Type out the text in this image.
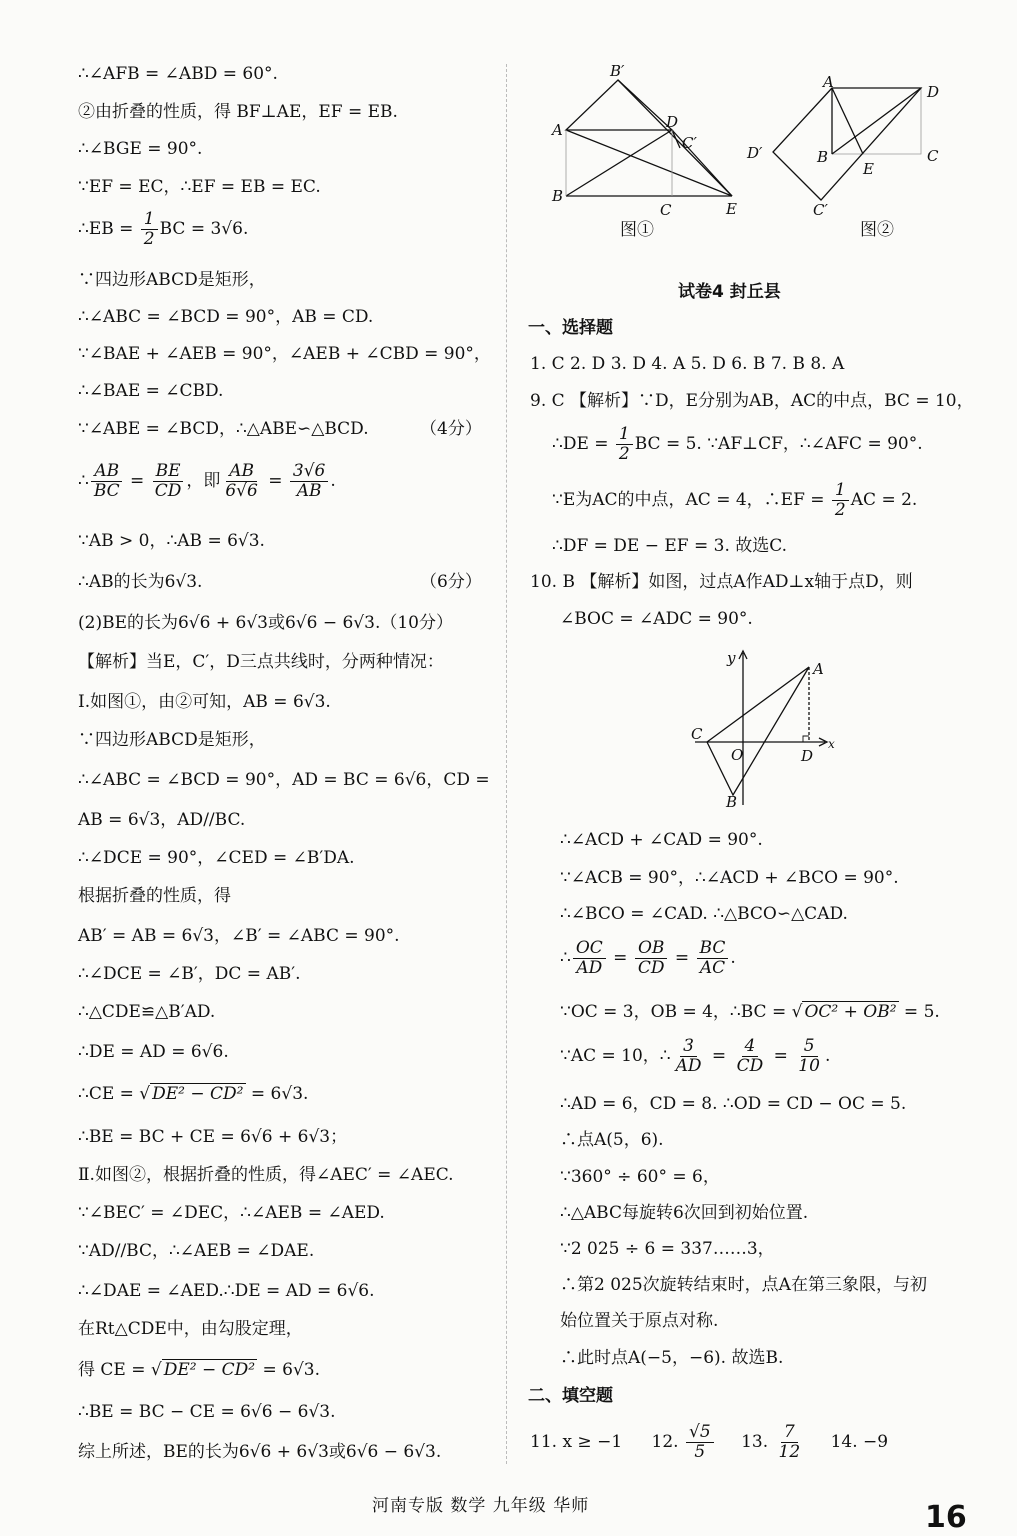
∴∠AFB = ∠ABD = 60°.
②由折叠的性质，得 BF⊥AE，EF = EB.
∴∠BGE = 90°.
∵EF = EC，∴EF = EB = EC.
∴EB = $\frac{1}{2}$ BC = 3√6.
∵四边形ABCD是矩形，
∴∠ABC = ∠BCD = 90°，AB = CD.
∵∠BAE + ∠AEB = 90°，∠AEB + ∠CBD = 90°，
∴∠BAE = ∠CBD.
∵∠ABE = ∠BCD，∴△ABE∽△BCD.	（4分）
∴ $\frac{AB}{BC} = \frac{BE}{CD}$ ，即 $\frac{AB}{6√6} = \frac{3√6}{AB}$ .
∵AB > 0，∴AB = 6√3.
∴AB的长为6√3.	（6分）
(2)BE的长为6√6 + 6√3或6√6 − 6√3.（10分）
【解析】当E，C′，D三点共线时，分两种情况：
Ⅰ.如图①，由②可知，AB = 6√3.
∵四边形ABCD是矩形，
∴∠ABC = ∠BCD = 90°，AD = BC = 6√6，CD =
AB = 6√3，AD//BC.
∴∠DCE = 90°，∠CED = ∠B′DA.
根据折叠的性质，得
AB′ = AB = 6√3，∠B′ = ∠ABC = 90°.
∴∠DCE = ∠B′，DC = AB′.
∴△CDE≌△B′AD.
∴DE = AD = 6√6.
∴CE = √ DE² − CD² = 6√3.
∴BE = BC + CE = 6√6 + 6√3；
Ⅱ.如图②，根据折叠的性质，得∠AEC′ = ∠AEC.
∵∠BEC′ = ∠DEC，∴∠AEB = ∠AED.
∵AD//BC，∴∠AEB = ∠DAE.
∴∠DAE = ∠AED.∴DE = AD = 6√6.
在Rt△CDE中，由勾股定理，
得 CE = √ DE² − CD² = 6√3.
∴BE = BC − CE = 6√6 − 6√3.
综上所述，BE的长为6√6 + 6√3或6√6 − 6√3.
B′
A	D
C′
B
C	E
图①
A
D
D′	B
E
C
C′
图②
试卷4 封丘县
一、选择题
1. C 2. D 3. D 4. A 5. D 6. B 7. B 8. A
9. C 【解析】∵D，E分别为AB，AC的中点，BC = 10，
∴DE = $\frac{1}{2}$ BC = 5. ∵AF⊥CF，∴∠AFC = 90°.
∵E为AC的中点，AC = 4，∴EF = $\frac{1}{2}$ AC = 2.
∴DF = DE − EF = 3. 故选C.
10. B 【解析】如图，过点A作AD⊥x轴于点D，则
∠BOC = ∠ADC = 90°.
y
A
C
O	D
x
B
∴∠ACD + ∠CAD = 90°.
∵∠ACB = 90°，∴∠ACD + ∠BCO = 90°.
∴∠BCO = ∠CAD. ∴△BCO∽△CAD.
∴ $\frac{OC}{AD} = \frac{OB}{CD} = \frac{BC}{AC}$ .
∵OC = 3，OB = 4，∴BC = √ OC² + OB² = 5.
∵AC = 10，∴ $\frac{3}{AD} = \frac{4}{CD} = \frac{5}{10}$ .
∴AD = 6，CD = 8. ∴OD = CD − OC = 5.
∴点A(5，6).
∵360° ÷ 60° = 6，
∴△ABC每旋转6次回到初始位置.
∵2 025 ÷ 6 = 337……3，
∴第2 025次旋转结束时，点A在第三象限，与初
始位置关于原点对称.
∴此时点A(−5，−6). 故选B.
二、填空题
11. x ≥ −1 12. $\frac{√5}{5} 13$. $\frac{7}{12} 14$. −9
河南专版 数学 九年级 华师	16
